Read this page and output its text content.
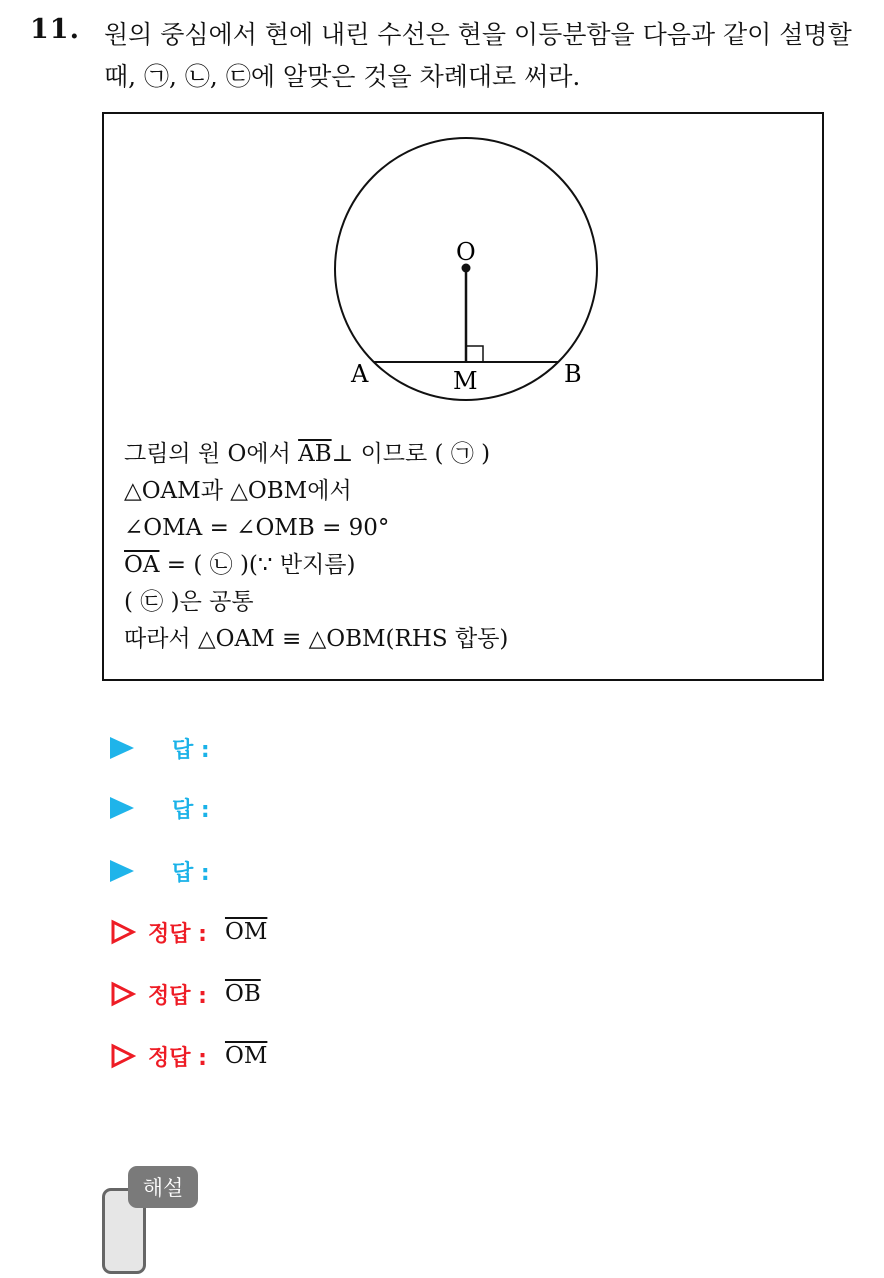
11. 원의 중심에서 현에 내린 수선은 현을 이등분함을 다음과 같이 설명할 때, ㉠, ㉡, ㉢에 알맞은 것을 차례대로 써라.
O
A	B
M
그림의 원 O에서 $\overline{AB}\perp$ 이므로 ( ㉠ )
△OAM과 △OBM에서
∠OMA = ∠OMB = 90°
$\overline{OA}$ = ( ㉡ )(∵ 반지름)
( ㉢ )은 공통
따라서 △OAM ≡ △OBM(RHS 합동)
답 :
답 :
답 :
정답 : $\overline{OM}$
정답 : $\overline{OB}$
정답 : $\overline{OM}$
해설
